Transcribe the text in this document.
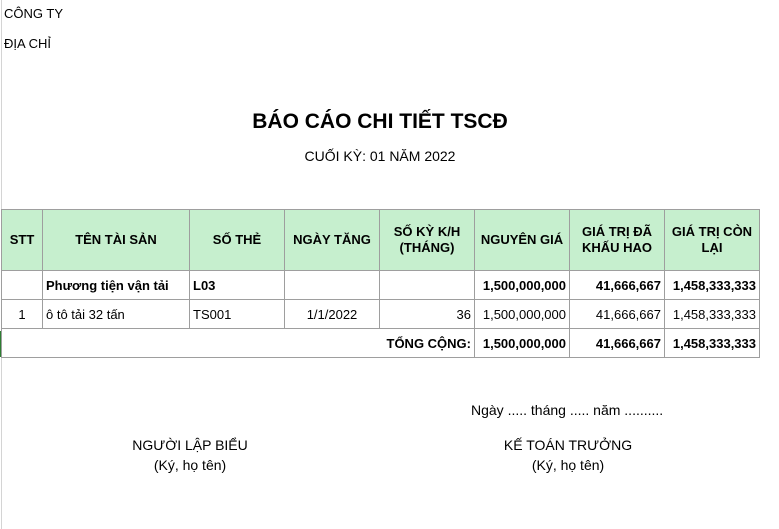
CÔNG TY
ĐỊA CHỈ
BÁO CÁO CHI TIẾT TSCĐ
CUỐI KỲ: 01 NĂM 2022
STT	TÊN TÀI SẢN	SỐ THẺ	NGÀY TĂNG	SỐ KỲ K/H (THÁNG)	NGUYÊN GIÁ	GIÁ TRỊ ĐÃ KHẤU HAO	GIÁ TRỊ CÒN LẠI
	Phương tiện vận tải	L03			1,500,000,000	41,666,667	1,458,333,333
1	ô tô tải 32 tấn	TS001	1/1/2022	36	1,500,000,000	41,666,667	1,458,333,333
TỔNG CỘNG:					1,500,000,000	41,666,667	1,458,333,333
Ngày ..... tháng ..... năm ..........
NGƯỜI LẬP BIỂU
(Ký, họ tên)
KẾ TOÁN TRƯỞNG
(Ký, họ tên)
